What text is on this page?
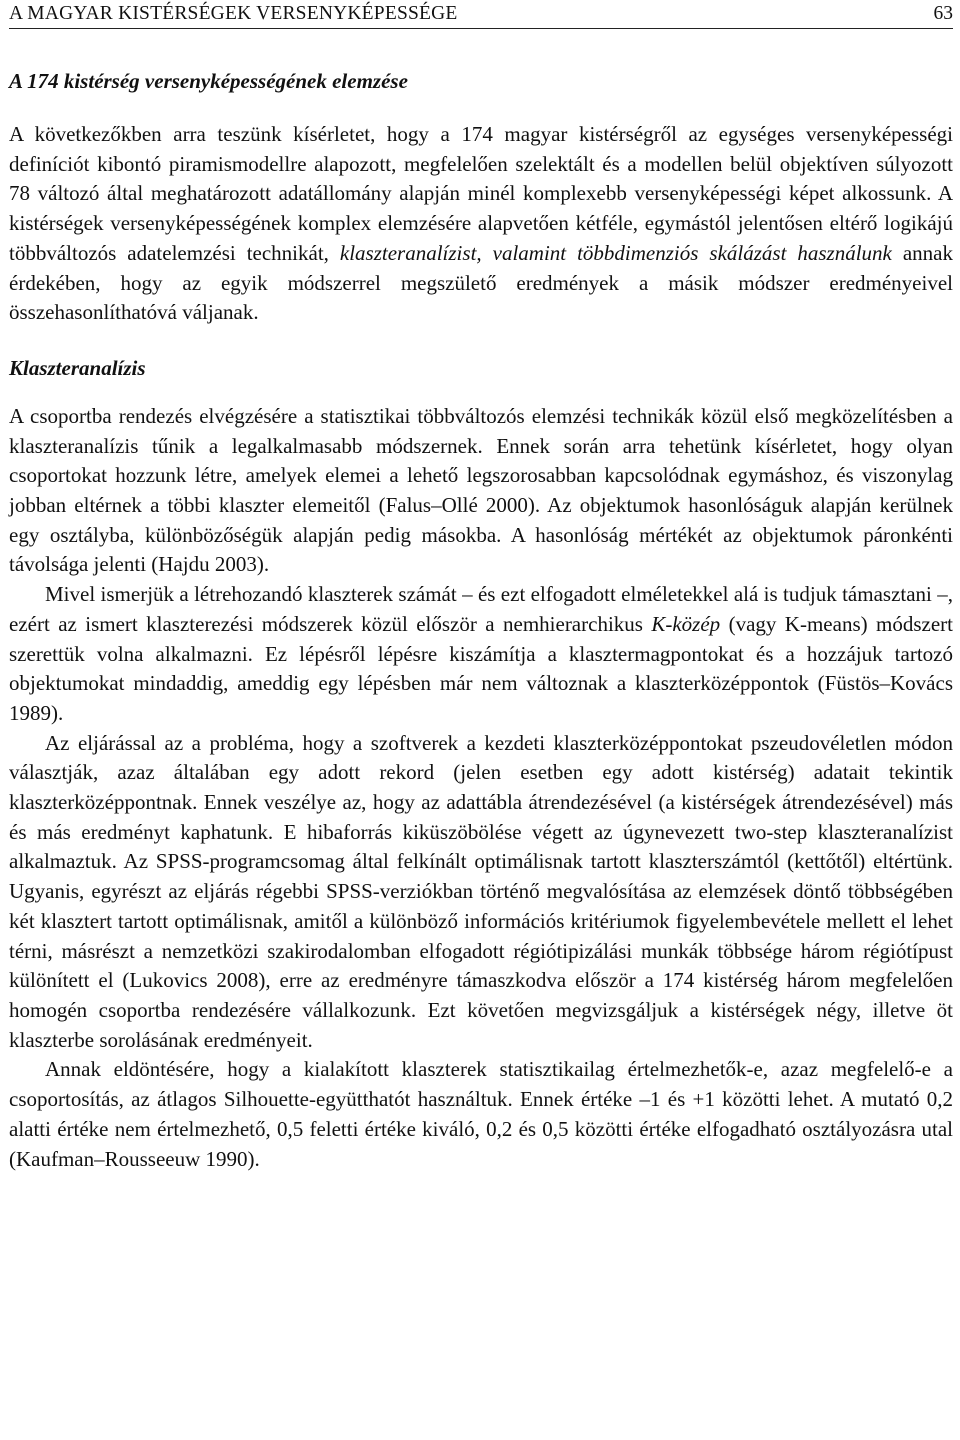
A MAGYAR KISTÉRSÉGEK VERSENYKÉPESSÉGE	63
A 174 kistérség versenyképességének elemzése

A következőkben arra teszünk kísérletet, hogy a 174 magyar kistérségről az egységes versenyképességi definíciót kibontó piramismodellre alapozott, megfelelően szelektált és a modellen belül objektíven súlyozott 78 változó által meghatározott adatállomány alapján minél komplexebb versenyképességi képet alkossunk. A kistérségek versenyképességének komplex elemzésére alapvetően kétféle, egymástól jelentősen eltérő logikájú többváltozós adatelemzési technikát, klaszteranalízist, valamint többdimenziós skálázást használunk annak érdekében, hogy az egyik módszerrel megszülető eredmények a másik módszer eredményeivel összehasonlíthatóvá váljanak.

Klaszteranalízis

A csoportba rendezés elvégzésére a statisztikai többváltozós elemzési technikák közül első megközelítésben a klaszteranalízis tűnik a legalkalmasabb módszernek. Ennek során arra tehetünk kísérletet, hogy olyan csoportokat hozzunk létre, amelyek elemei a lehető legszorosabban kapcsolódnak egymáshoz, és viszonylag jobban eltérnek a többi klaszter elemeitől (Falus–Ollé 2000). Az objektumok hasonlóságuk alapján kerülnek egy osztályba, különbözőségük alapján pedig másokba. A hasonlóság mértékét az objektumok páronkénti távolsága jelenti (Hajdu 2003).

Mivel ismerjük a létrehozandó klaszterek számát – és ezt elfogadott elméletekkel alá is tudjuk támasztani –, ezért az ismert klaszterezési módszerek közül először a nemhierarchikus K-közép (vagy K-means) módszert szerettük volna alkalmazni. Ez lépésről lépésre kiszámítja a klasztermagpontokat és a hozzájuk tartozó objektumokat mindaddig, ameddig egy lépésben már nem változnak a klaszterközéppontok (Füstös–Kovács 1989).

Az eljárással az a probléma, hogy a szoftverek a kezdeti klaszterközéppontokat pszeudovéletlen módon választják, azaz általában egy adott rekord (jelen esetben egy adott kistérség) adatait tekintik klaszterközéppontnak. Ennek veszélye az, hogy az adattábla átrendezésével (a kistérségek átrendezésével) más és más eredményt kaphatunk. E hibaforrás kiküszöbölése végett az úgynevezett two-step klaszteranalízist alkalmaztuk. Az SPSS-programcsomag által felkínált optimálisnak tartott klaszterszámtól (kettőtől) eltértünk. Ugyanis, egyrészt az eljárás régebbi SPSS-verziókban történő megvalósítása az elemzések döntő többségében két klasztert tartott optimálisnak, amitől a különböző információs kritériumok figyelembevétele mellett el lehet térni, másrészt a nemzetközi szakirodalomban elfogadott régiótipizálási munkák többsége három régiótípust különített el (Lukovics 2008), erre az eredményre támaszkodva először a 174 kistérség három megfelelően homogén csoportba rendezésére vállalkozunk. Ezt követően megvizsgáljuk a kistérségek négy, illetve öt klaszterbe sorolásának eredményeit.

Annak eldöntésére, hogy a kialakított klaszterek statisztikailag értelmezhetők-e, azaz megfelelő-e a csoportosítás, az átlagos Silhouette-együtthatót használtuk. Ennek értéke –1 és +1 közötti lehet. A mutató 0,2 alatti értéke nem értelmezhető, 0,5 feletti értéke kiváló, 0,2 és 0,5 közötti értéke elfogadható osztályozásra utal (Kaufman–Rousseeuw 1990).
